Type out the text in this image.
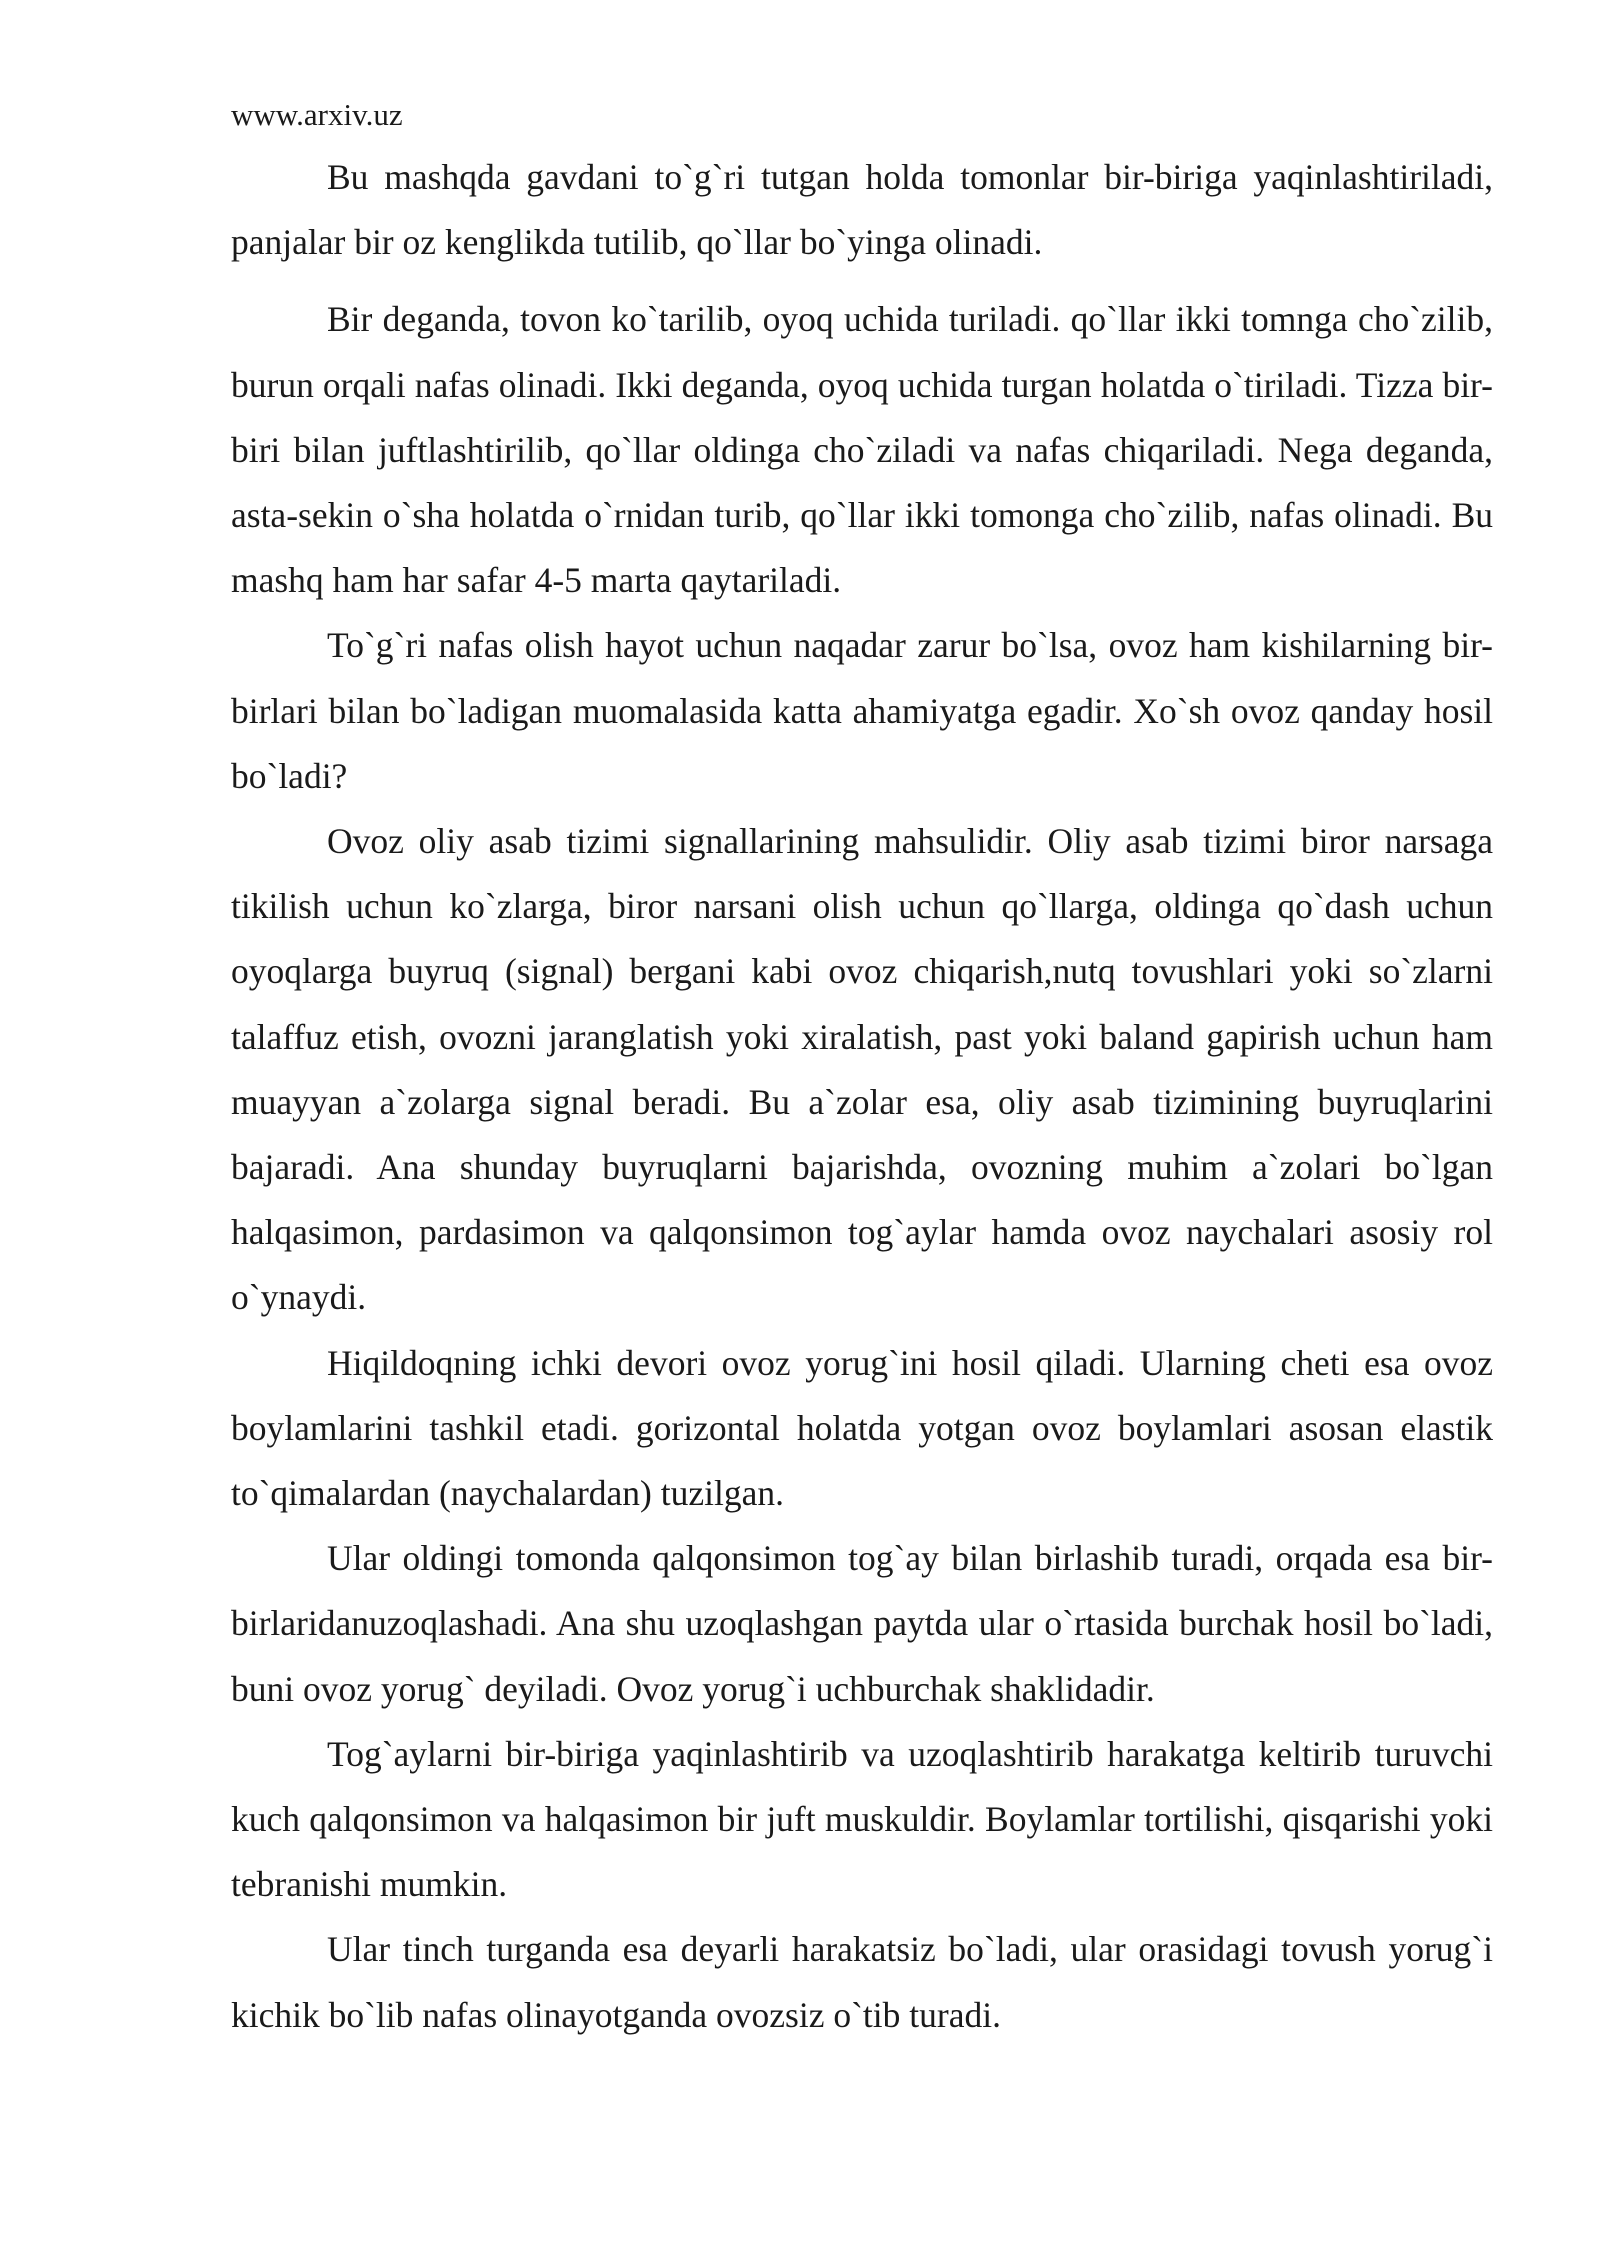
www.arxiv.uz

Bu mashqda gavdani to`g`ri tutgan holda tomonlar bir-biriga yaqinlashtiriladi, panjalar bir oz kenglikda tutilib, qo`llar bo`yinga olinadi.

Bir deganda, tovon ko`tarilib, oyoq uchida turiladi. qo`llar ikki tomnga cho`zilib, burun orqali nafas olinadi. Ikki deganda, oyoq uchida turgan holatda o`tiriladi. Tizza bir-biri bilan juftlashtirilib, qo`llar oldinga cho`ziladi va nafas chiqariladi. Nega deganda, asta-sekin o`sha holatda o`rnidan turib, qo`llar ikki tomonga cho`zilib, nafas olinadi. Bu mashq ham har safar 4-5 marta qaytariladi.

To`g`ri nafas olish hayot uchun naqadar zarur bo`lsa, ovoz ham kishilarning bir-birlari bilan bo`ladigan muomalasida katta ahamiyatga egadir. Xo`sh ovoz qanday hosil bo`ladi?

Ovoz oliy asab tizimi signallarining mahsulidir. Oliy asab tizimi biror narsaga tikilish uchun ko`zlarga, biror narsani olish uchun qo`llarga, oldinga qo`dash uchun oyoqlarga buyruq (signal) bergani kabi ovoz chiqarish,nutq tovushlari yoki so`zlarni talaffuz etish, ovozni jaranglatish yoki xiralatish, past yoki baland gapirish uchun ham muayyan a`zolarga signal beradi. Bu a`zolar esa, oliy asab tizimining buyruqlarini bajaradi. Ana shunday buyruqlarni bajarishda, ovozning muhim a`zolari bo`lgan halqasimon, pardasimon va qalqonsimon tog`aylar hamda ovoz naychalari asosiy rol o`ynaydi.

Hiqildoqning ichki devori ovoz yorug`ini hosil qiladi. Ularning cheti esa ovoz boylamlarini tashkil etadi. gorizontal holatda yotgan ovoz boylamlari asosan elastik to`qimalardan (naychalardan) tuzilgan.

Ular oldingi tomonda qalqonsimon tog`ay bilan birlashib turadi, orqada esa bir-birlaridanuzoqlashadi. Ana shu uzoqlashgan paytda ular o`rtasida burchak hosil bo`ladi, buni ovoz yorug` deyiladi. Ovoz yorug`i uchburchak shaklidadir.

Tog`aylarni bir-biriga yaqinlashtirib va uzoqlashtirib harakatga keltirib turuvchi kuch qalqonsimon va halqasimon bir juft muskuldir. Boylamlar tortilishi, qisqarishi yoki tebranishi mumkin.

Ular tinch turganda esa deyarli harakatsiz bo`ladi, ular orasidagi tovush yorug`i kichik bo`lib nafas olinayotganda ovozsiz o`tib turadi.
